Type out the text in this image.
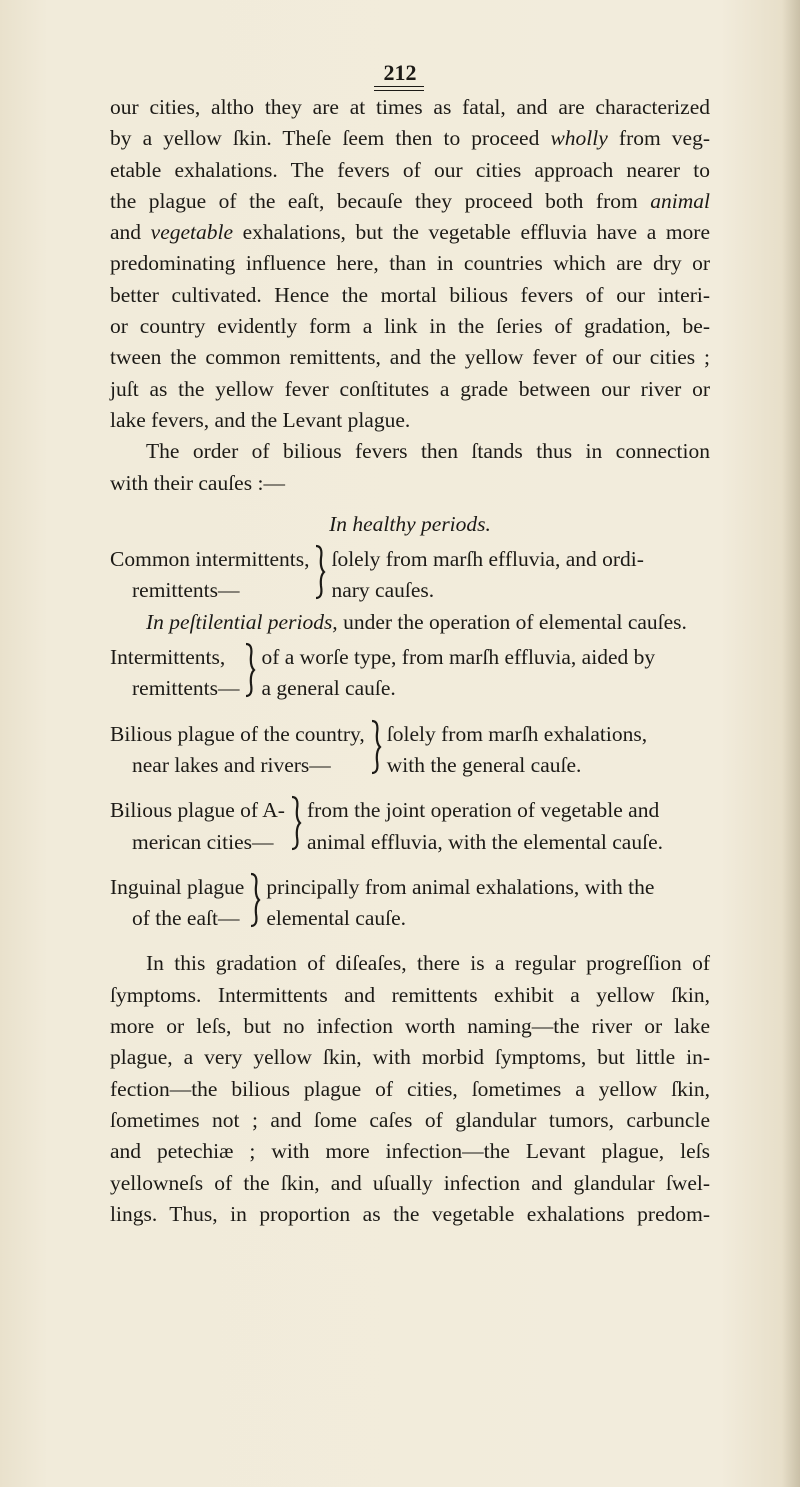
212

our cities, altho they are at times as fatal, and are characterized

by a yellow ſkin. Theſe ſeem then to proceed wholly from veg-

etable exhalations. The fevers of our cities approach nearer to

the plague of the eaſt, becauſe they proceed both from animal

and vegetable exhalations, but the vegetable effluvia have a more

predominating influence here, than in countries which are dry or

better cultivated. Hence the mortal bilious fevers of our interi-

or country evidently form a link in the ſeries of gradation, be-

tween the common remittents, and the yellow fever of our cities ;

juſt as the yellow fever conſtitutes a grade between our river or

lake fevers, and the Levant plague.

The order of bilious fevers then ſtands thus in connection

with their cauſes :—

In healthy periods.

Common intermittents,
remittents—
ſolely from marſh effluvia, and ordi-
nary cauſes.

In peſtilential periods, under the operation of elemental cauſes.

Intermittents,
remittents—
of a worſe type, from marſh effluvia, aided by
a general cauſe.
Bilious plague of the country,
near lakes and rivers—
ſolely from marſh exhalations,
with the general cauſe.
Bilious plague of A-
merican cities—
from the joint operation of vegetable and
animal effluvia, with the elemental cauſe.
Inguinal plague
of the eaſt—
principally from animal exhalations, with the
elemental cauſe.

In this gradation of diſeaſes, there is a regular progreſſion of

ſymptoms. Intermittents and remittents exhibit a yellow ſkin,

more or leſs, but no infection worth naming—the river or lake

plague, a very yellow ſkin, with morbid ſymptoms, but little in-

fection—the bilious plague of cities, ſometimes a yellow ſkin,

ſometimes not ; and ſome caſes of glandular tumors, carbuncle

and petechiæ ; with more infection—the Levant plague, leſs

yellowneſs of the ſkin, and uſually infection and glandular ſwel-

lings. Thus, in proportion as the vegetable exhalations predom-
